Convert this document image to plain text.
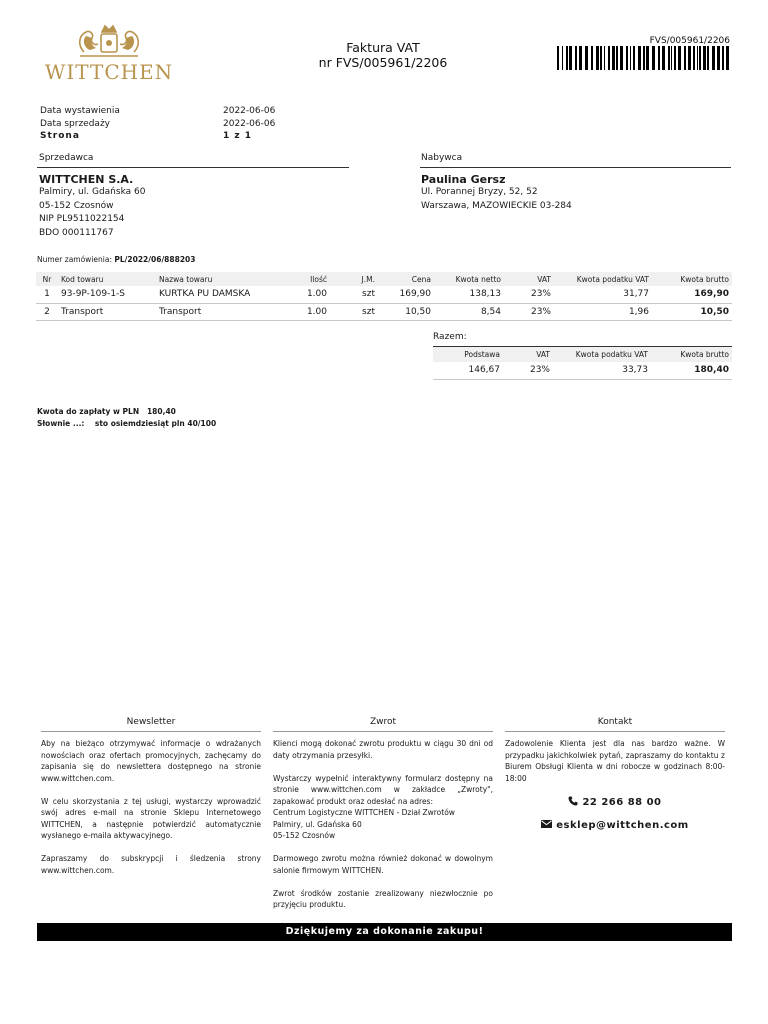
WITTCHEN
Faktura VAT
nr FVS/005961/2206
FVS/005961/2206
Data wystawienia	2022-06-06
Data sprzedaży	2022-06-06
Strona	1 z 1
Sprzedawca
WITTCHEN S.A.
Palmiry, ul. Gdańska 60
05-152 Czosnów
NIP PL9511022154
BDO 000111767
Nabywca
Paulina Gersz
Ul. Porannej Bryzy, 52, 52
Warszawa, MAZOWIECKIE 03-284
Numer zamówienia: PL/2022/06/888203
Nr	Kod towaru	Nazwa towaru	Ilość	J.M.	Cena	Kwota netto	VAT	Kwota podatku VAT	Kwota brutto
1	93-9P-109-1-S	KURTKA PU DAMSKA	1.00	szt	169,90	138,13	23%	31,77	169,90
2	Transport	Transport	1.00	szt	10,50	8,54	23%	1,96	10,50
Razem:
Podstawa	VAT	Kwota podatku VAT	Kwota brutto
146,67	23%	33,73	180,40
Kwota do zapłaty w PLN 180,40
Słownie ...: sto osiemdziesiąt pln 40/100
Newsletter

Aby na bieżąco otrzymywać informacje o wdrażanych nowościach oraz ofertach promocyjnych, zachęcamy do zapisania się do newslettera dostępnego na stronie www.wittchen.com.

W celu skorzystania z tej usługi, wystarczy wprowadzić swój adres e-mail na stronie Sklepu Internetowego WITTCHEN, a następnie potwierdzić automatycznie wysłanego e-maila aktywacyjnego.

Zapraszamy do subskrypcji i śledzenia strony www.wittchen.com.

Zwrot

Klienci mogą dokonać zwrotu produktu w ciągu 30 dni od daty otrzymania przesyłki.

Wystarczy wypełnić interaktywny formularz dostępny na stronie www.wittchen.com w zakładce „Zwroty", zapakować produkt oraz odesłać na adres:
Centrum Logistyczne WITTCHEN - Dział Zwrotów
Palmiry, ul. Gdańska 60
05-152 Czosnów

Darmowego zwrotu można również dokonać w dowolnym salonie firmowym WITTCHEN.

Zwrot środków zostanie zrealizowany niezwłocznie po przyjęciu produktu.

Kontakt

Zadowolenie Klienta jest dla nas bardzo ważne. W przypadku jakichkolwiek pytań, zapraszamy do kontaktu z Biurem Obsługi Klienta w dni robocze w godzinach 8:00-18:00

22 266 88 00
esklep@wittchen.com
Dziękujemy za dokonanie zakupu!
